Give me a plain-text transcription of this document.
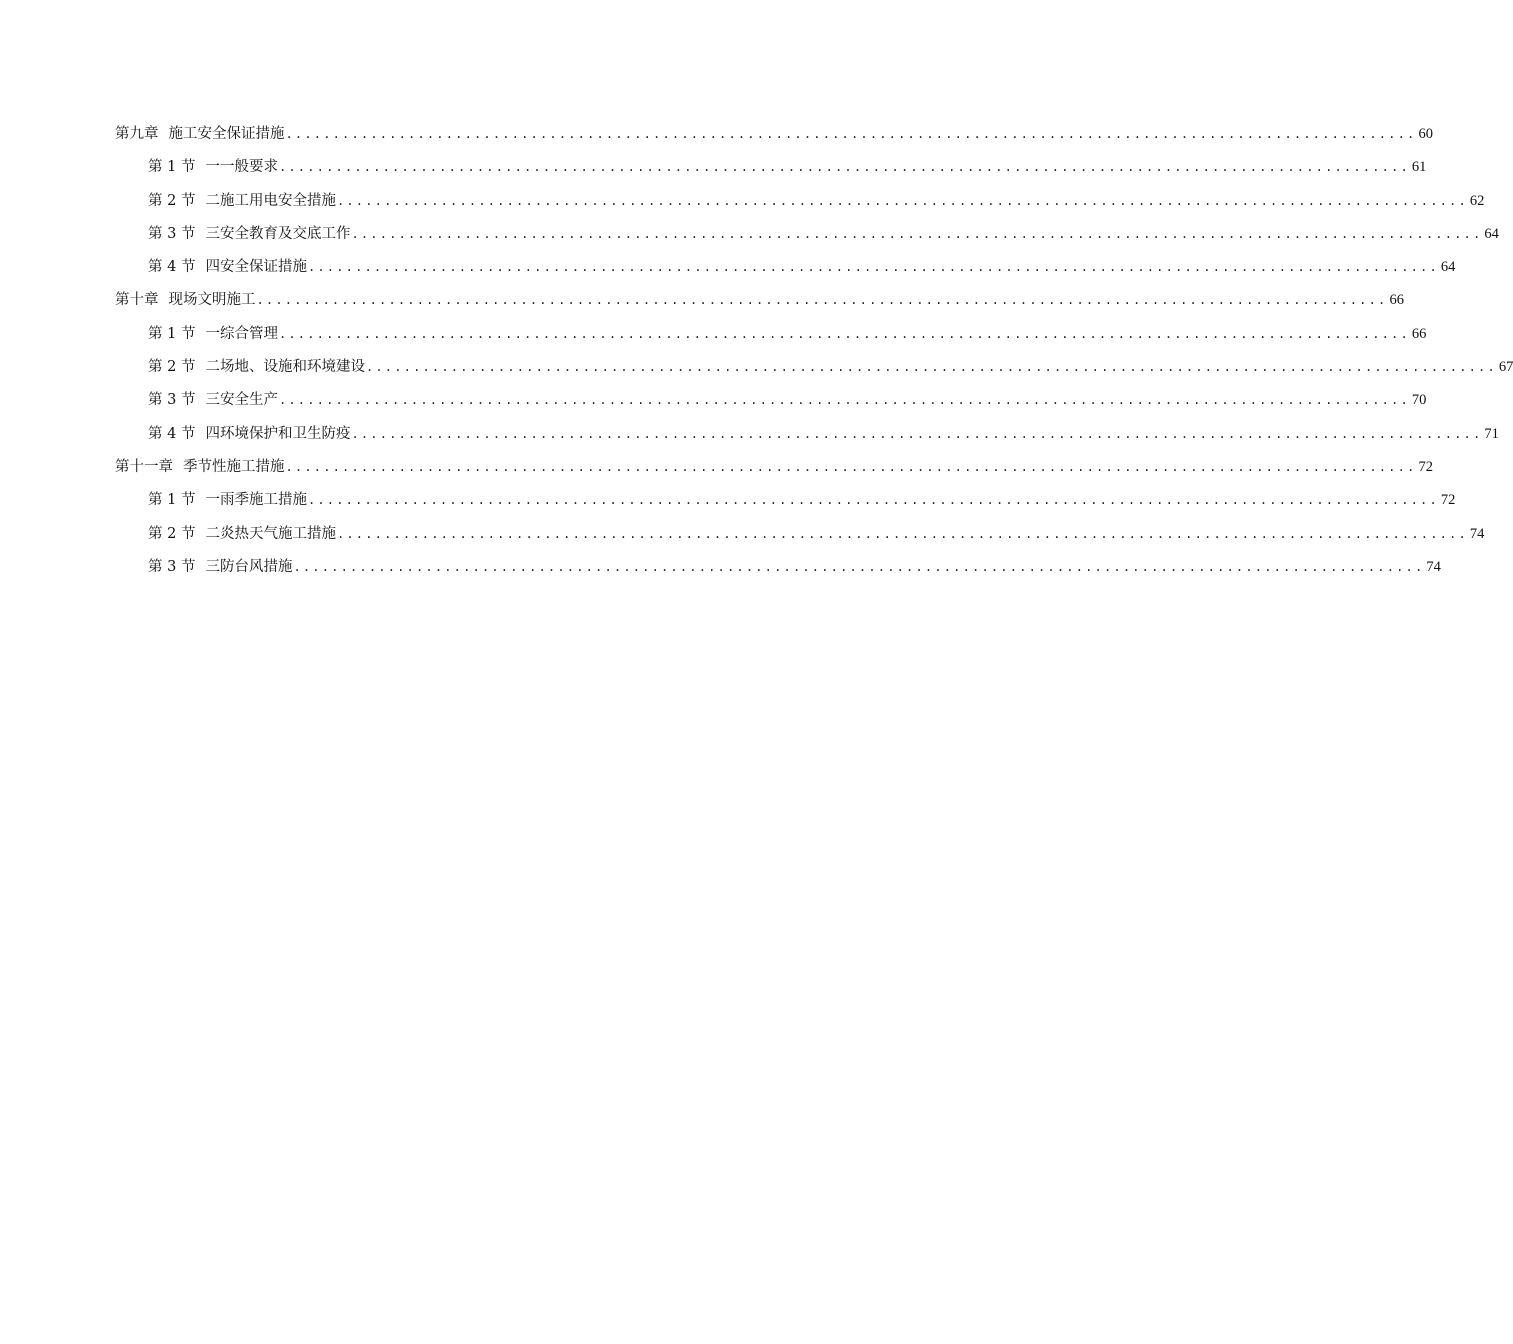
第九章 施工安全保证措施 ........................................................................................................................ 60
第 1 节 一一般要求 ........................................................................................................................ 61
第 2 节 二施工用电安全措施 ........................................................................................................................ 62
第 3 节 三安全教育及交底工作 ........................................................................................................................ 64
第 4 节 四安全保证措施 ........................................................................................................................ 64
第十章 现场文明施工 ........................................................................................................................ 66
第 1 节 一综合管理 ........................................................................................................................ 66
第 2 节 二场地、设施和环境建设 ........................................................................................................................ 67
第 3 节 三安全生产 ........................................................................................................................ 70
第 4 节 四环境保护和卫生防疫 ........................................................................................................................ 71
第十一章 季节性施工措施 ........................................................................................................................ 72
第 1 节 一雨季施工措施 ........................................................................................................................ 72
第 2 节 二炎热天气施工措施 ........................................................................................................................ 74
第 3 节 三防台风措施 ........................................................................................................................ 74
